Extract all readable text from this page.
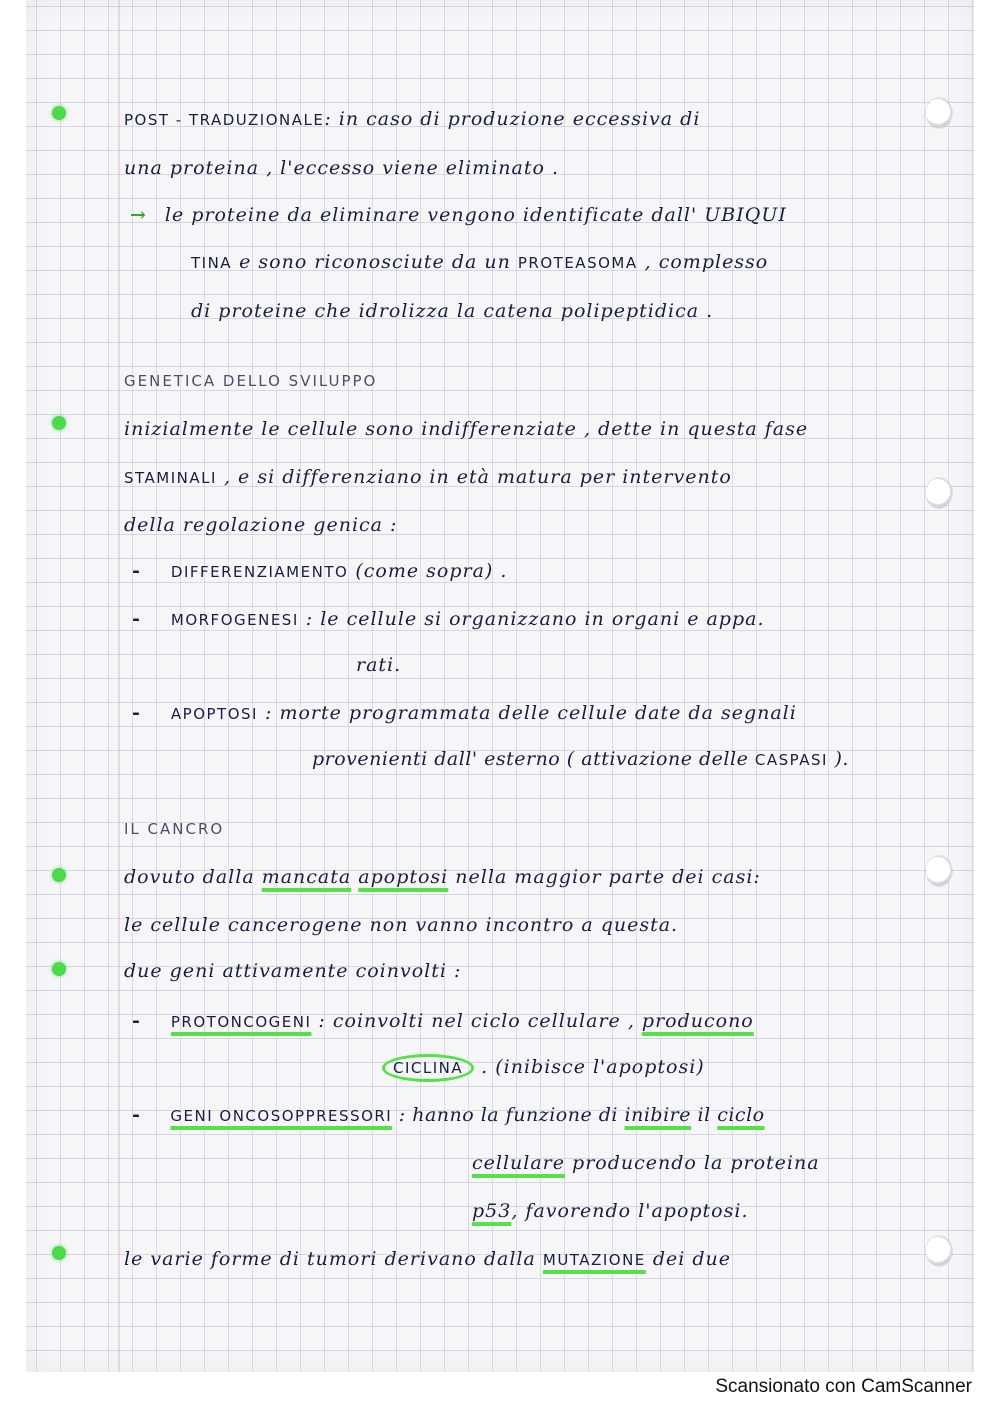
POST - TRADUZIONALE: in caso di produzione eccessiva di
una proteina , l'eccesso viene eliminato .
→ le proteine da eliminare vengono identificate dall' UBIQUI
TINA e sono riconosciute da un PROTEASOMA , complesso
di proteine che idrolizza la catena polipeptidica .
GENETICA DELLO SVILUPPO
inizialmente le cellule sono indifferenziate , dette in questa fase
STAMINALI , e si differenziano in età matura per intervento
della regolazione genica :
- DIFFERENZIAMENTO (come sopra) .
- MORFOGENESI : le cellule si organizzano in organi e appa.
rati.
- APOPTOSI : morte programmata delle cellule date da segnali
provenienti dall' esterno ( attivazione delle CASPASI ).
IL CANCRO
dovuto dalla mancata apoptosi nella maggior parte dei casi:
le cellule cancerogene non vanno incontro a questa.
due geni attivamente coinvolti :
- PROTONCOGENI : coinvolti nel ciclo cellulare , producono
CICLINA . (inibisce l'apoptosi)
- GENI ONCOSOPPRESSORI : hanno la funzione di inibire il ciclo
cellulare producendo la proteina
p53, favorendo l'apoptosi.
le varie forme di tumori derivano dalla MUTAZIONE dei due
Scansionato con CamScanner
